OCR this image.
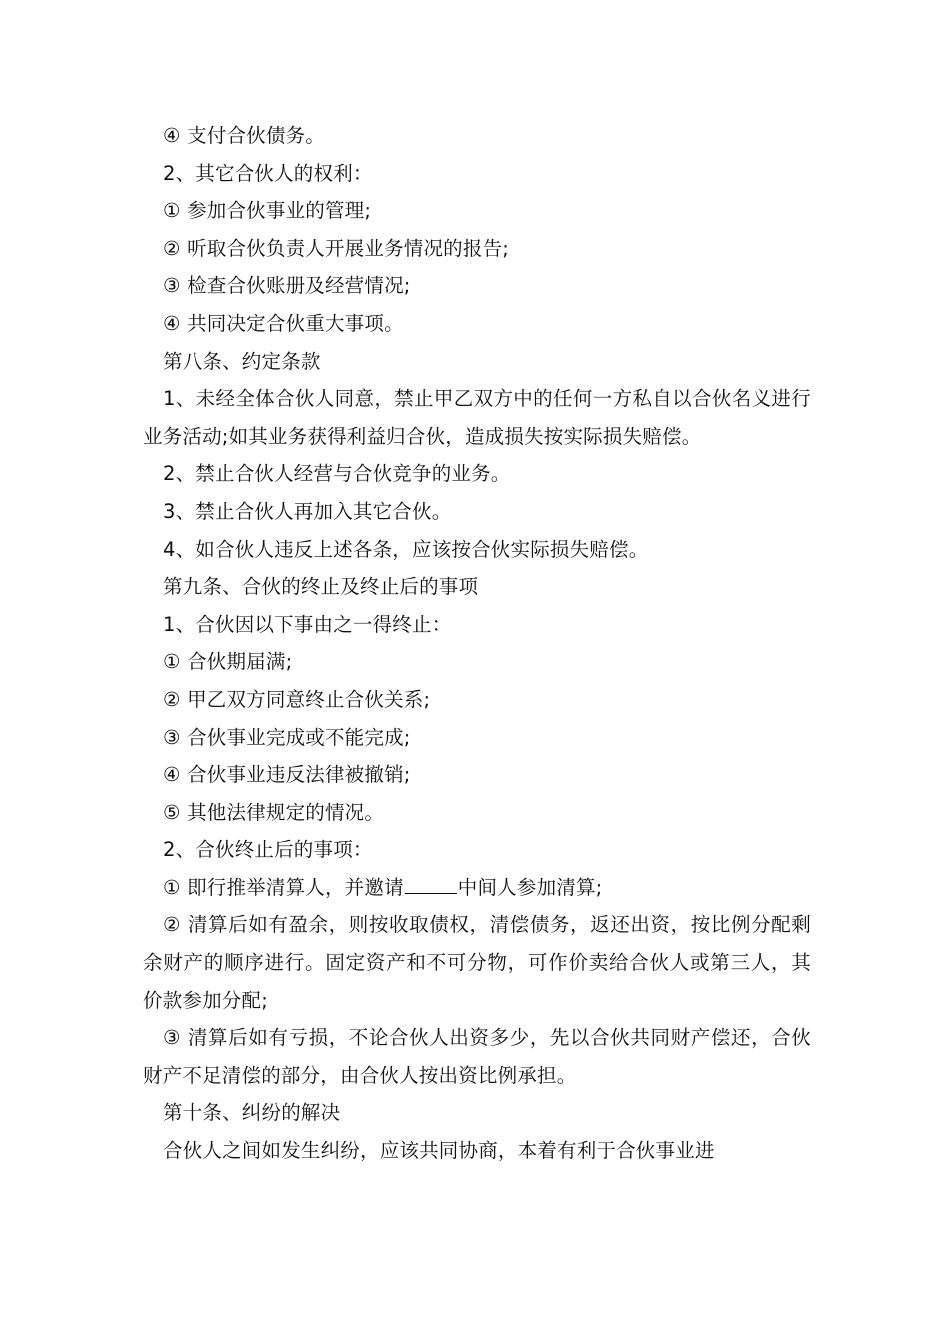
④ 支付合伙债务。

2、其它合伙人的权利：

① 参加合伙事业的管理;

② 听取合伙负责人开展业务情况的报告;

③ 检查合伙账册及经营情况;

④ 共同决定合伙重大事项。

第八条、约定条款

1、未经全体合伙人同意，禁止甲乙双方中的任何一方私自以合伙名义进行业务活动;如其业务获得利益归合伙，造成损失按实际损失赔偿。

2、禁止合伙人经营与合伙竞争的业务。

3、禁止合伙人再加入其它合伙。

4、如合伙人违反上述各条，应该按合伙实际损失赔偿。

第九条、合伙的终止及终止后的事项

1、合伙因以下事由之一得终止：

① 合伙期届满;

② 甲乙双方同意终止合伙关系;

③ 合伙事业完成或不能完成;

④ 合伙事业违反法律被撤销;

⑤ 其他法律规定的情况。

2、合伙终止后的事项：

① 即行推举清算人，并邀请	中间人参加清算;

② 清算后如有盈余，则按收取债权，清偿债务，返还出资，按比例分配剩余财产的顺序进行。固定资产和不可分物，可作价卖给合伙人或第三人，其价款参加分配;

③ 清算后如有亏损，不论合伙人出资多少，先以合伙共同财产偿还，合伙财产不足清偿的部分，由合伙人按出资比例承担。

第十条、纠纷的解决

合伙人之间如发生纠纷，应该共同协商，本着有利于合伙事业进
